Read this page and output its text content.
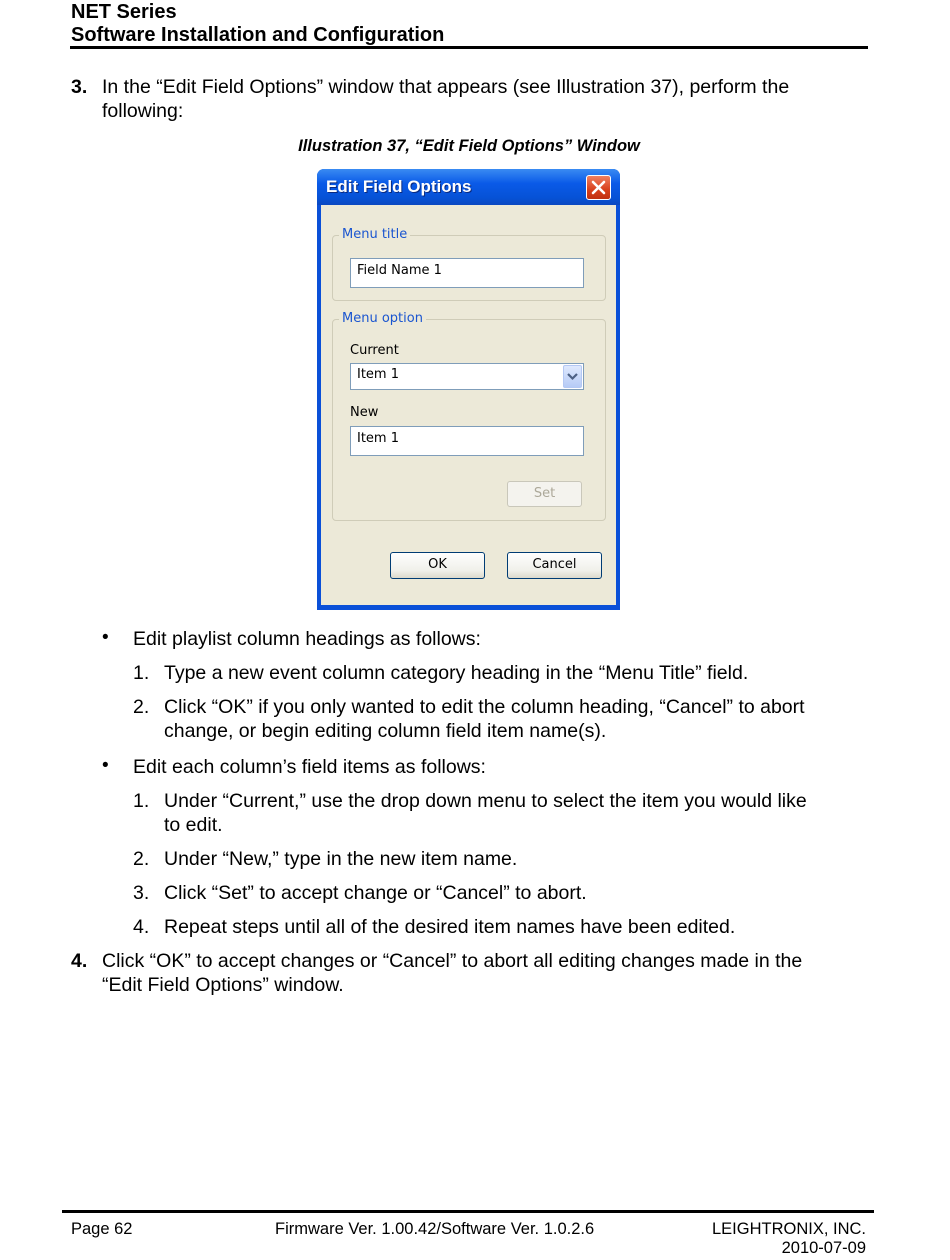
NET Series
Software Installation and Configuration
3. In the “Edit Field Options” window that appears (see Illustration 37), perform the
following:
Illustration 37, “Edit Field Options” Window
Edit Field Options
Menu title
Field Name 1
Menu option
Current
Item 1
New
Item 1
Set
OK	Cancel
• Edit playlist column headings as follows:
1. Type a new event column category heading in the “Menu Title” field.
2. Click “OK” if you only wanted to edit the column heading, “Cancel” to abort
change, or begin editing column field item name(s).
• Edit each column’s field items as follows:
1. Under “Current,” use the drop down menu to select the item you would like
to edit.
2. Under “New,” type in the new item name.
3. Click “Set” to accept change or “Cancel” to abort.
4. Repeat steps until all of the desired item names have been edited.
4. Click “OK” to accept changes or “Cancel” to abort all editing changes made in the
“Edit Field Options” window.
Page 62	Firmware Ver. 1.00.42/Software Ver. 1.0.2.6	LEIGHTRONIX, INC.
2010-07-09
